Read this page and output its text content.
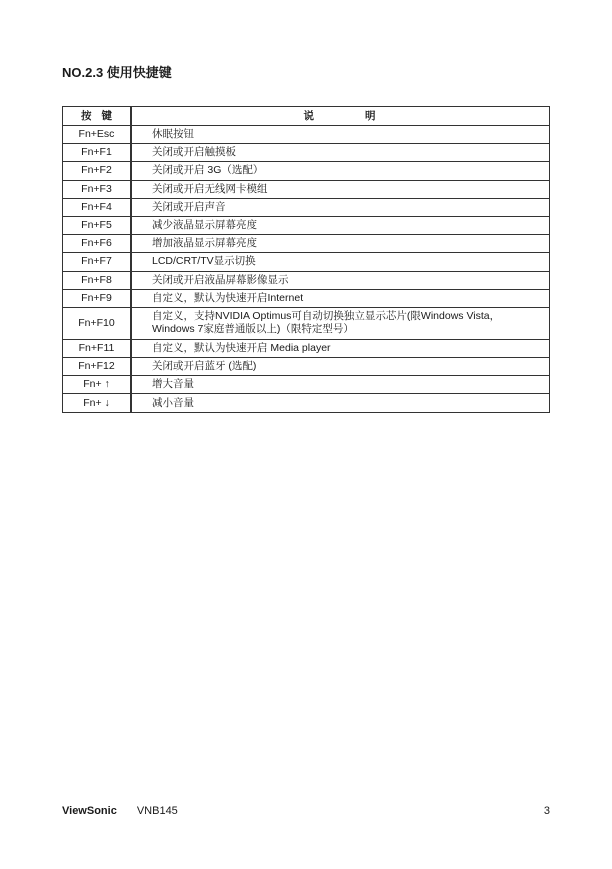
NO.2.3 使用快捷键
按键	说 明
Fn+Esc	休眠按钮
Fn+F1	关闭或开启触摸板
Fn+F2	关闭或开启 3G（选配）
Fn+F3	关闭或开启无线网卡模组
Fn+F4	关闭或开启声音
Fn+F5	减少液晶显示屏幕亮度
Fn+F6	增加液晶显示屏幕亮度
Fn+F7	LCD/CRT/TV显示切换
Fn+F8	关闭或开启液晶屏幕影像显示
Fn+F9	自定义，默认为快速开启Internet
Fn+F10	自定义，支持NVIDIA Optimus可自动切换独立显示芯片(限Windows Vista，
Windows 7家庭普通版以上)（限特定型号）

Fn+F11	自定义，默认为快速开启 Media player
Fn+F12	关闭或开启蓝牙 (选配)
Fn+ ↑	增大音量
Fn+ ↓	减小音量
ViewSonic VNB145	3
